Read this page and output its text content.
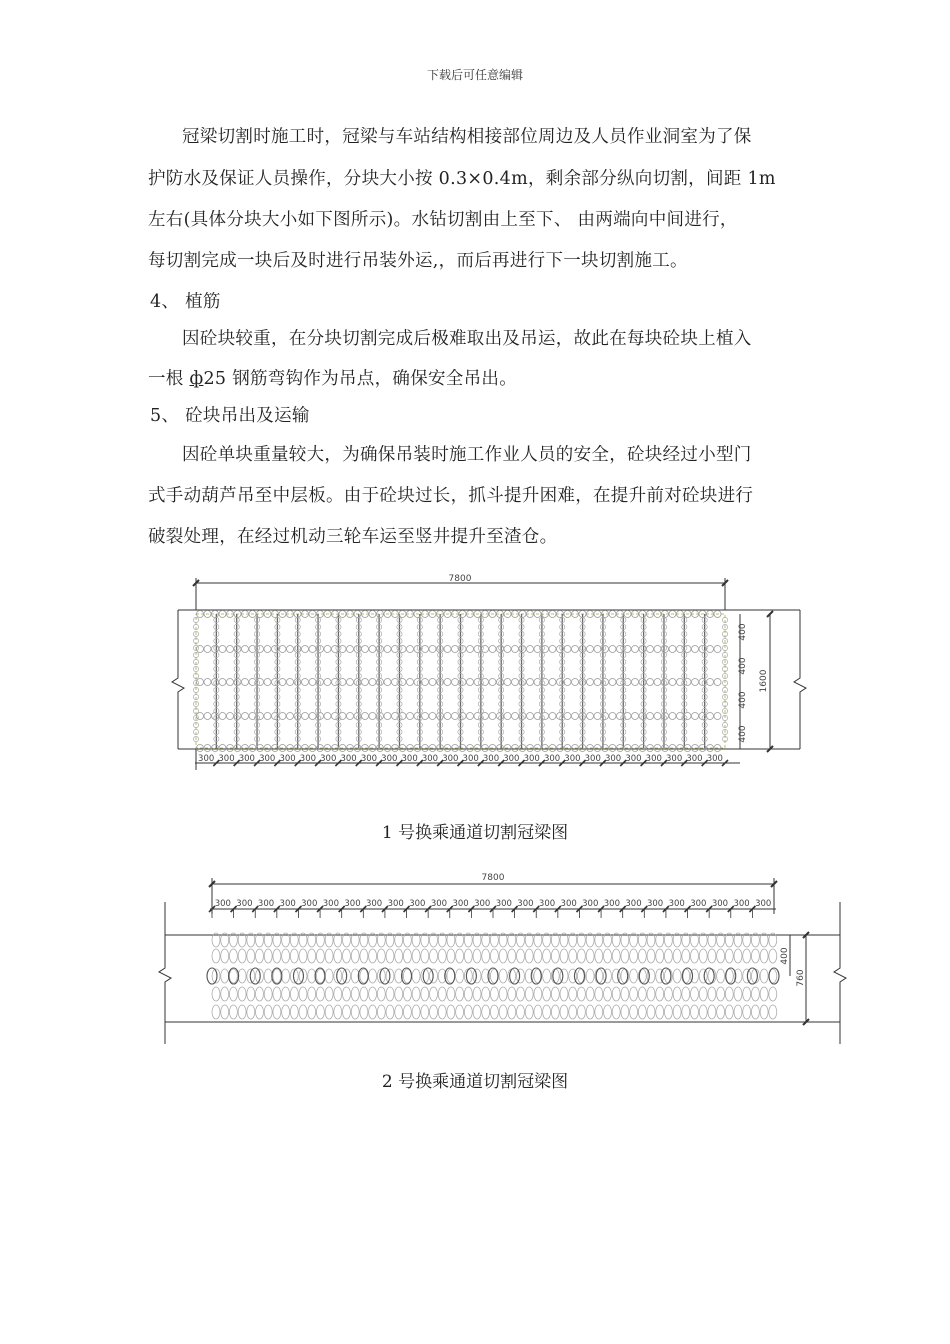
下载后可任意编辑
冠梁切割时施工时，冠梁与车站结构相接部位周边及人员作业洞室为了保
护防水及保证人员操作，分块大小按 0.3×0.4m，剩余部分纵向切割，间距 1m
左右(具体分块大小如下图所示)。水钻切割由上至下、 由两端向中间进行，
每切割完成一块后及时进行吊装外运,，而后再进行下一块切割施工。
4、 植筋
因砼块较重，在分块切割完成后极难取出及吊运，故此在每块砼块上植入
一根 ф25 钢筋弯钩作为吊点，确保安全吊出。
5、 砼块吊出及运输
因砼单块重量较大，为确保吊装时施工作业人员的安全，砼块经过小型门
式手动葫芦吊至中层板。由于砼块过长，抓斗提升困难，在提升前对砼块进行
破裂处理，在经过机动三轮车运至竖井提升至渣仓。
7800
1600
400
400
400
400
300 300 300 300 300 300 300 300 300 300 300 300 300 300 300 300 300 300 300 300 300 300 300 300 300 300
1 号换乘通道切割冠梁图
7800
760
400
300 300 300 300 300 300 300 300 300 300 300 300 300 300 300 300 300 300 300 300 300 300 300 300 300 300
2 号换乘通道切割冠梁图
